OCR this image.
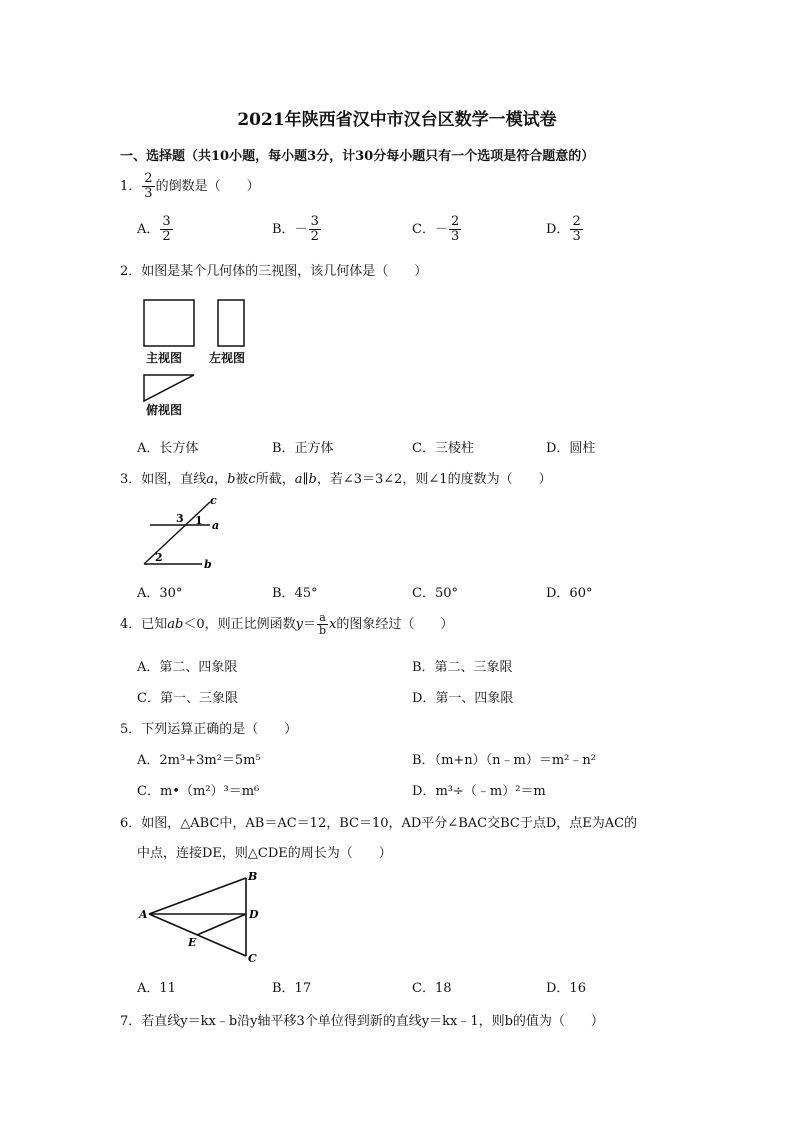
2021年陕西省汉中市汉台区数学一模试卷
一、选择题（共10小题，每小题3分，计30分每小题只有一个选项是符合题意的）
1． $\frac{2}{3}$ 的倒数是（　　）
A． $\frac{3}{2}$	B．－ $\frac{3}{2}$	C．－ $\frac{2}{3}$	D． $\frac{2}{3}$
2．如图是某个几何体的三视图，该几何体是（　　）
主视图 左视图
俯视图
A．长方体	B．正方体	C．三棱柱	D．圆柱
3．如图，直线a，b被c所截，a∥b，若∠3＝3∠2，则∠1的度数为（　　）
c
a
b
3 1
2
A．30°	B．45°	C．50°	D．60°
4．已知ab＜0，则正比例函数$y= \frac{a}{b}$ x的图象经过（　　）
A．第二、四象限	B．第二、三象限
C．第一、三象限	D．第一、四象限
5．下列运算正确的是（　　）
A．2m³+3m²＝5m⁵	B．（m+n）（n﹣m）＝m²﹣n²
C．m•（m²）³＝m⁶	D．m³÷（﹣m）²＝m
6．如图，△ABC中，AB＝AC＝12，BC＝10，AD平分∠BAC交BC于点D，点E为AC的
中点，连接DE，则△CDE的周长为（　　）
A
B
D
C
E
A．11	B．17	C．18	D．16
7．若直线y＝kx﹣b沿y轴平移3个单位得到新的直线y＝kx﹣1，则b的值为（　　）
